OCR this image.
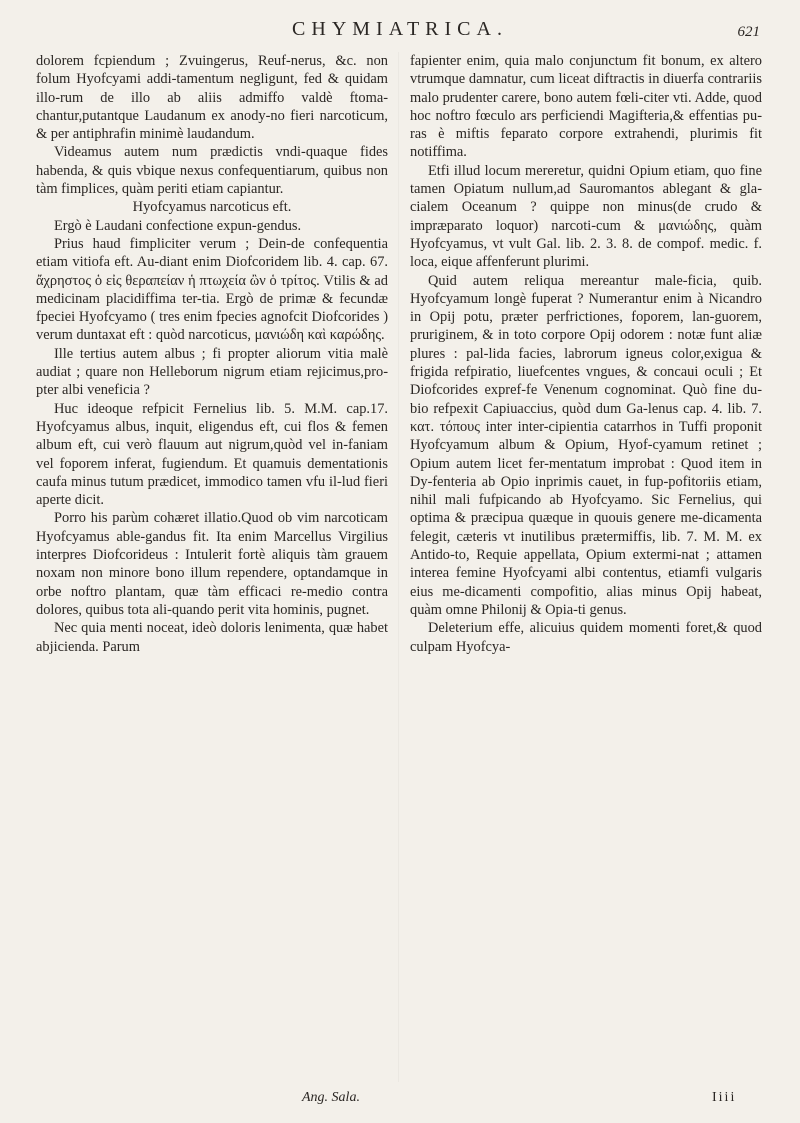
CHYMIATRICA.	621

dolorem fcpiendum ; Zvuingerus, Reuf-nerus, &c. non folum Hyofcyami addi-tamentum negligunt, fed & quidam illo-rum de illo ab aliis admiffo valdè ftoma-chantur,putantque Laudanum ex anody-no fieri narcoticum, & per antiphrafin minimè laudandum.

Videamus autem num prædictis vndi-quaque fides habenda, & quis vbique nexus confequentiarum, quibus non tàm fimplices, quàm periti etiam capiantur.

Hyofcyamus narcoticus eft.

Ergò è Laudani confectione expun-gendus.

Prius haud fimpliciter verum ; Dein-de confequentia etiam vitiofa eft. Au-diant enim Diofcoridem lib. 4. cap. 67. ἄχρηστος ὁ εἰς θεραπείαν ἡ πτωχεία ὢν ὁ τρίτος. Vtilis & ad medicinam placidiffima ter-tia. Ergò de primæ & fecundæ fpeciei Hyofcyamo ( tres enim fpecies agnofcit Diofcorides ) verum duntaxat eft : quòd narcoticus, μανιώδη καὶ καρώδης.

Ille tertius autem albus ; fi propter aliorum vitia malè audiat ; quare non Helleborum nigrum etiam rejicimus,pro-pter albi veneficia ?

Huc ideoque refpicit Fernelius lib. 5. M.M. cap.17. Hyofcyamus albus, inquit, eligendus eft, cui flos & femen album eft, cui verò flauum aut nigrum,quòd vel in-faniam vel foporem inferat, fugiendum. Et quamuis dementationis caufa minus tutum prædicet, immodico tamen vfu il-lud fieri aperte dicit.

Porro his parùm cohæret illatio.Quod ob vim narcoticam Hyofcyamus able-gandus fit. Ita enim Marcellus Virgilius interpres Diofcorideus : Intulerit fortè aliquis tàm grauem noxam non minore bono illum rependere, optandamque in orbe noftro plantam, quæ tàm efficaci re-medio contra dolores, quibus tota ali-quando perit vita hominis, pugnet.

Nec quia menti noceat, ideò doloris lenimenta, quæ habet abjicienda. Parum

fapienter enim, quia malo conjunctum fit bonum, ex altero vtrumque damnatur, cum liceat diftractis in diuerfa contrariis malo prudenter carere, bono autem fœli-citer vti. Adde, quod hoc noftro fœculo ars perficiendi Magifteria,& effentias pu-ras è miftis feparato corpore extrahendi, plurimis fit notiffima.

Etfi illud locum mereretur, quidni Opium etiam, quo fine tamen Opiatum nullum,ad Sauromantos ablegant & gla-cialem Oceanum ? quippe non minus(de crudo & impræparato loquor) narcoti-cum & μανιώδης, quàm Hyofcyamus, vt vult Gal. lib. 2. 3. 8. de compof. medic. f. loca, eique affenferunt plurimi.

Quid autem reliqua mereantur male-ficia, quib. Hyofcyamum longè fuperat ? Numerantur enim à Nicandro in Opij potu, præter perfrictiones, foporem, lan-guorem, pruriginem, & in toto corpore Opij odorem : notæ funt aliæ plures : pal-lida facies, labrorum igneus color,exigua & frigida refpiratio, liuefcentes vngues, & concaui oculi ; Et Diofcorides expref-fe Venenum cognominat. Quò fine du-bio refpexit Capiuaccius, quòd dum Ga-lenus cap. 4. lib. 7. κατ. τόπους inter inter-cipientia catarrhos in Tuffi proponit Hyofcyamum album & Opium, Hyof-cyamum retinet ; Opium autem licet fer-mentatum improbat : Quod item in Dy-fenteria ab Opio inprimis cauet, in fup-pofitoriis etiam, nihil mali fufpicando ab Hyofcyamo. Sic Fernelius, qui optima & præcipua quæque in quouis genere me-dicamenta felegit, cæteris vt inutilibus prætermiffis, lib. 7. M. M. ex Antido-to, Requie appellata, Opium extermi-nat ; attamen interea femine Hyofcyami albi contentus, etiamfi vulgaris eius me-dicamenti compofitio, alias minus Opij habeat, quàm omne Philonij & Opia-ti genus.

Deleterium effe, alicuius quidem momenti foret,& quod culpam Hyofcya-

Ang. Sala.	Iiii
